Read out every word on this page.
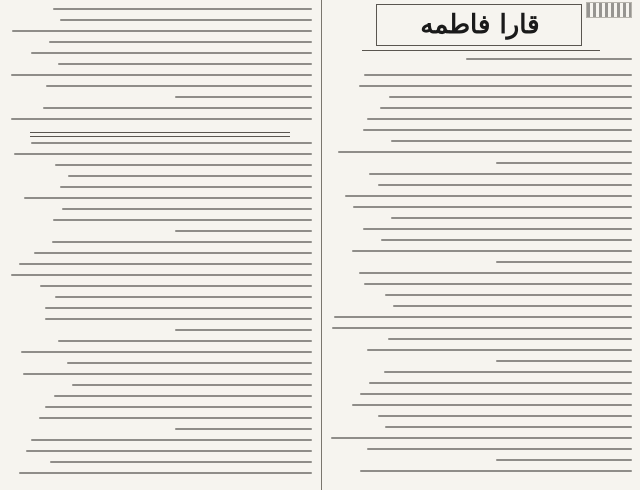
قارا فاطمه
